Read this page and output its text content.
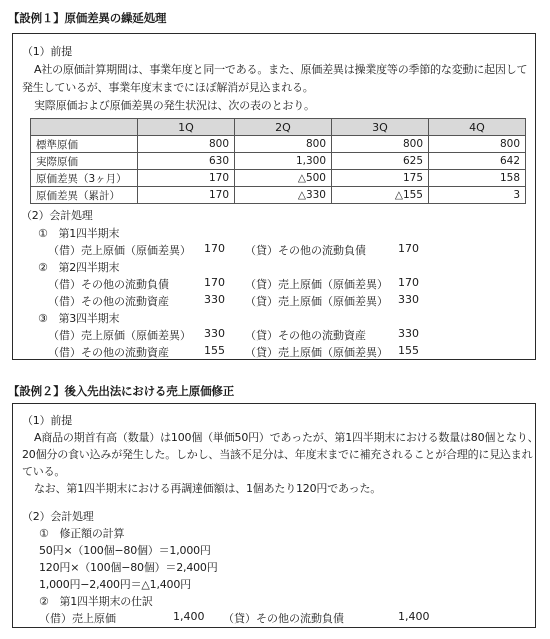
【設例１】原価差異の繰延処理
（1）前提
A社の原価計算期間は、事業年度と同一である。また、原価差異は操業度等の季節的な変動に起因して
発生しているが、事業年度末までにほぼ解消が見込まれる。
実際原価および原価差異の発生状況は、次の表のとおり。
	1Q	2Q	3Q	4Q
標準原価	800	800	800	800
実際原価	630	1,300	625	642
原価差異（3ヶ月）	170	△500	175	158
原価差異（累計）	170	△330	△155	3
（2）会計処理
①　第1四半期末
（借）売上原価（原価差異） 170 （貸）その他の流動負債	170
②　第2四半期末
（借）その他の流動負債	170 （貸）売上原価（原価差異） 170
（借）その他の流動資産	330 （貸）売上原価（原価差異） 330
③　第3四半期末
（借）売上原価（原価差異） 330 （貸）その他の流動資産	330
（借）その他の流動資産	155 （貸）売上原価（原価差異） 155
【設例２】後入先出法における売上原価修正
（1）前提
A商品の期首有高（数量）は100個（単価50円）であったが、第1四半期末における数量は80個となり、
20個分の食い込みが発生した。しかし、当該不足分は、年度末までに補充されることが合理的に見込まれ
ている。
なお、第1四半期末における再調達価額は、1個あたり120円であった。
（2）会計処理
①　修正額の計算
50円×（100個−80個）＝1,000円
120円×（100個−80個）＝2,400円
1,000円−2,400円＝△1,400円
②　第1四半期末の仕訳
（借）売上原価	1,400 （貸）その他の流動負債	1,400
